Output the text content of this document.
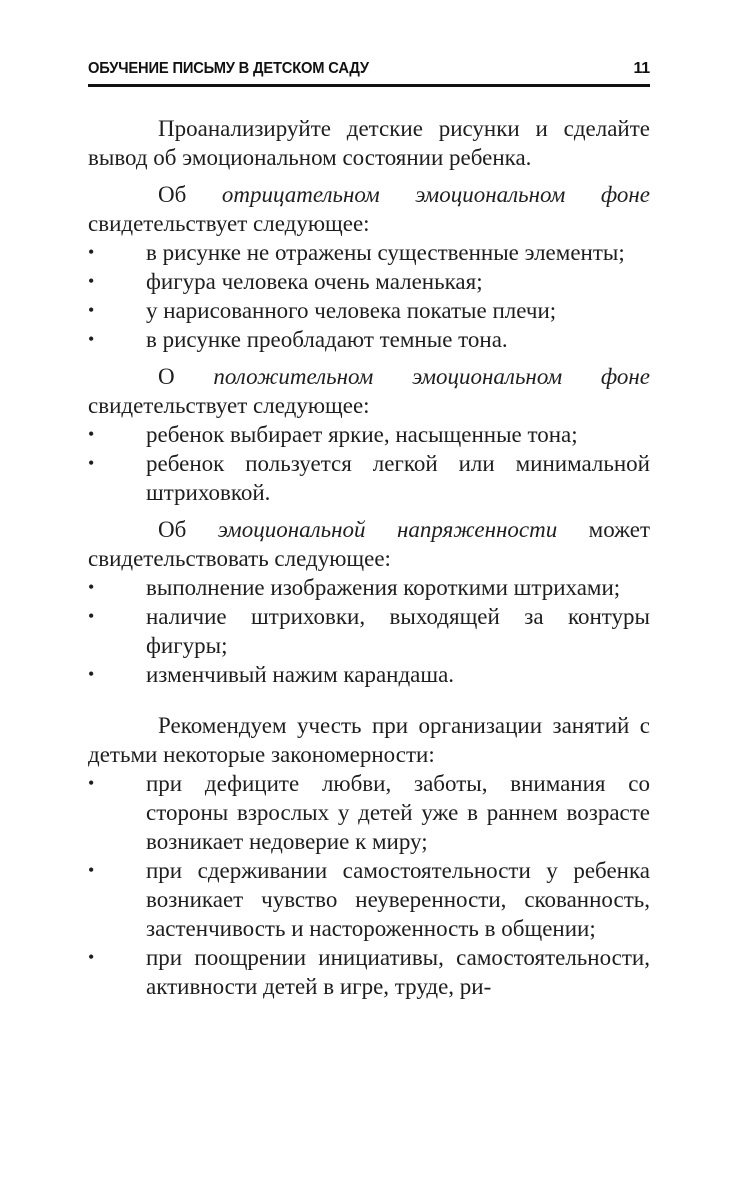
ОБУЧЕНИЕ ПИСЬМУ В ДЕТСКОМ САДУ	11

Проанализируйте детские рисунки и сделайте вывод об эмоциональном состоянии ребенка.

Об отрицательном эмоциональном фоне свидетельствует следующее:

•	в рисунке не отражены существенные элементы;
•	фигура человека очень маленькая;
•	у нарисованного человека покатые плечи;
•	в рисунке преобладают темные тона.

О положительном эмоциональном фоне свидетельствует следующее:

•	ребенок выбирает яркие, насыщенные тона;
•	ребенок пользуется легкой или минимальной штриховкой.

Об эмоциональной напряженности может свидетельствовать следующее:

•	выполнение изображения короткими штрихами;
•	наличие штриховки, выходящей за контуры фигуры;
•	изменчивый нажим карандаша.

Рекомендуем учесть при организации занятий с детьми некоторые закономерности:

•	при дефиците любви, заботы, внимания со стороны взрослых у детей уже в раннем возрасте возникает недоверие к миру;
•	при сдерживании самостоятельности у ребенка возникает чувство неуверенности, скованность, застенчивость и настороженность в общении;
•	при поощрении инициативы, самостоятельности, активности детей в игре, труде, ри-
